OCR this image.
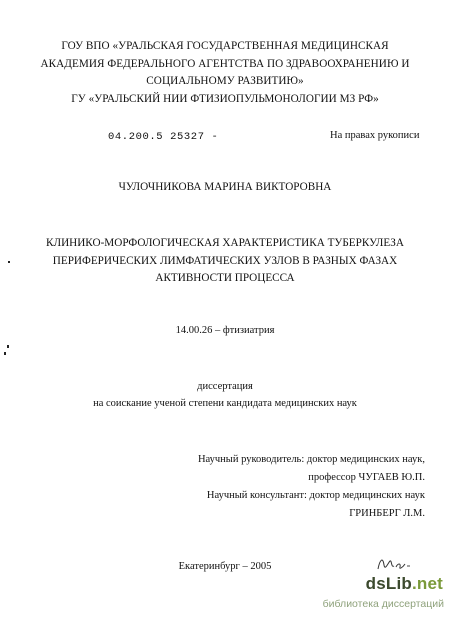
ГОУ ВПО «УРАЛЬСКАЯ ГОСУДАРСТВЕННАЯ МЕДИЦИНСКАЯ
АКАДЕМИЯ ФЕДЕРАЛЬНОГО АГЕНТСТВА ПО ЗДРАВООХРАНЕНИЮ И
СОЦИАЛЬНОМУ РАЗВИТИЮ»
ГУ «УРАЛЬСКИЙ НИИ ФТИЗИОПУЛЬМОНОЛОГИИ МЗ РФ»
04.200.5 25327 -	На правах рукописи
ЧУЛОЧНИКОВА МАРИНА ВИКТОРОВНА
КЛИНИКО-МОРФОЛОГИЧЕСКАЯ ХАРАКТЕРИСТИКА ТУБЕРКУЛЕЗА
ПЕРИФЕРИЧЕСКИХ ЛИМФАТИЧЕСКИХ УЗЛОВ В РАЗНЫХ ФАЗАХ
АКТИВНОСТИ ПРОЦЕССА
14.00.26 – фтизиатрия
диссертация
на соискание ученой степени кандидата медицинских наук
Научный руководитель: доктор медицинских наук,
профессор ЧУГАЕВ Ю.П.
Научный консультант: доктор медицинских наук
ГРИНБЕРГ Л.М.
Екатеринбург – 2005
dsLib.net
библиотека диссертаций
